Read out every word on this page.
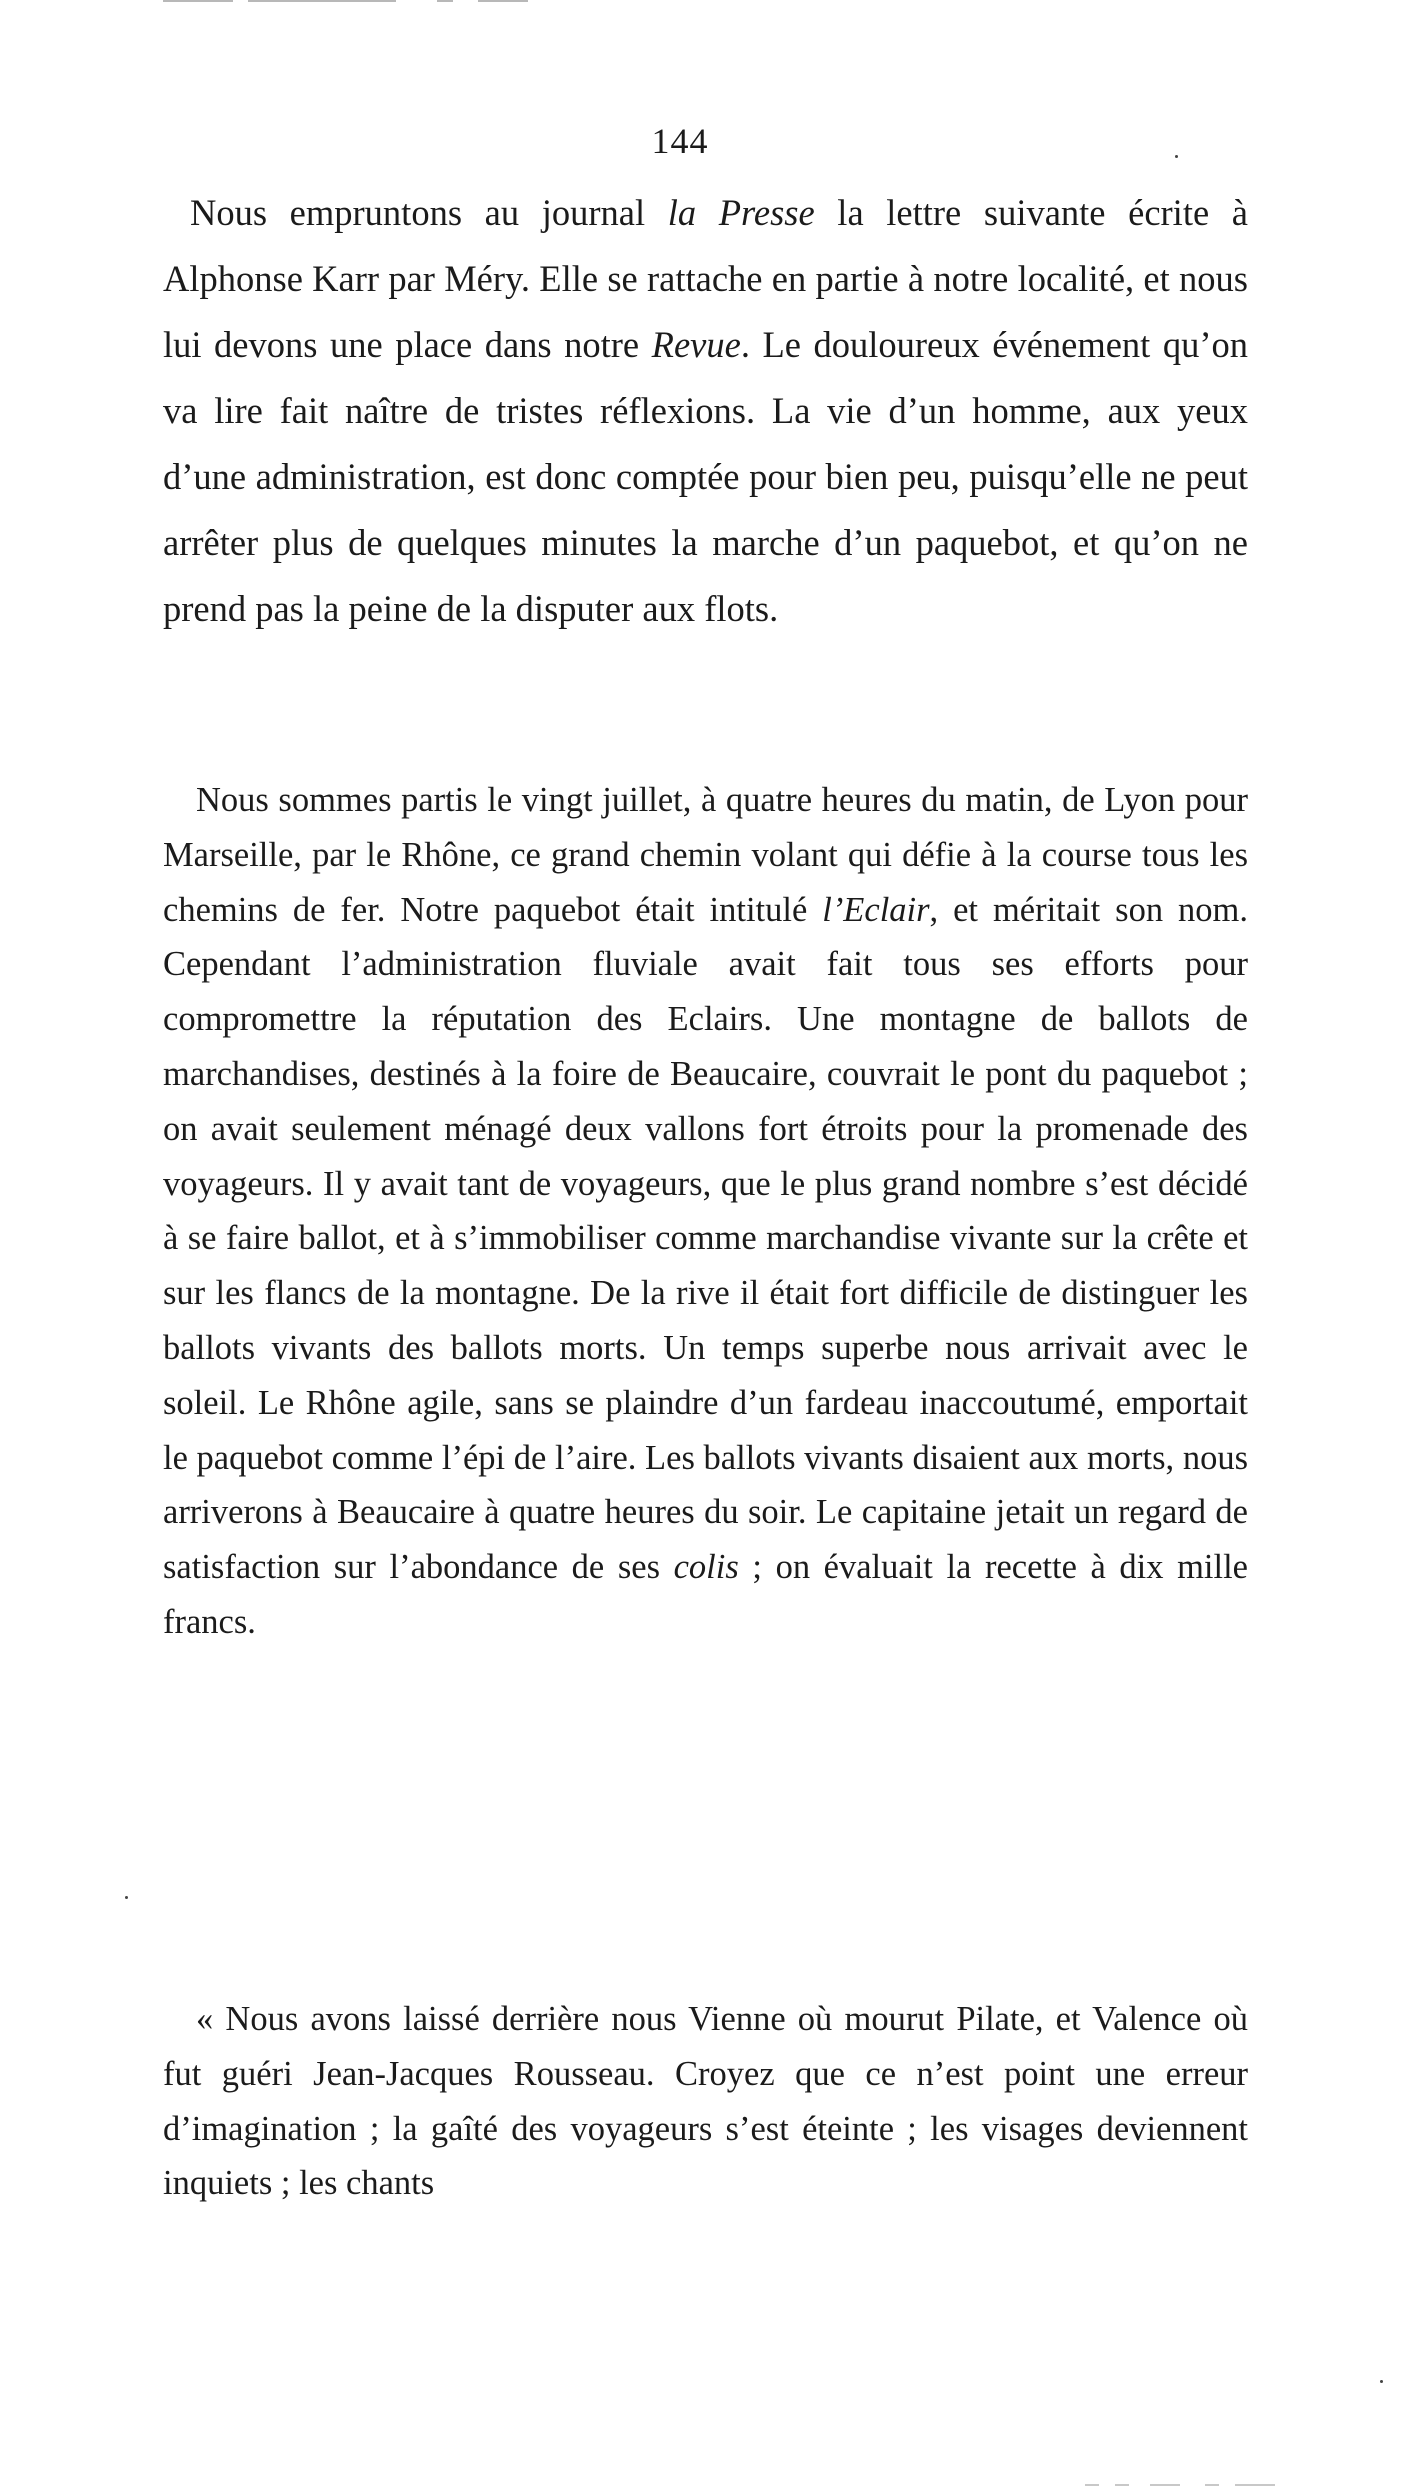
144

Nous empruntons au journal la Presse la lettre suivante écrite à Alphonse Karr par Méry. Elle se rattache en partie à notre localité, et nous lui devons une place dans notre Revue. Le douloureux événement qu’on va lire fait naître de tristes réflexions. La vie d’un homme, aux yeux d’une administration, est donc comptée pour bien peu, puisqu’elle ne peut arrêter plus de quelques minutes la marche d’un paquebot, et qu’on ne prend pas la peine de la disputer aux flots.

Nous sommes partis le vingt juillet, à quatre heures du matin, de Lyon pour Marseille, par le Rhône, ce grand chemin volant qui défie à la course tous les chemins de fer. Notre paquebot était intitulé l’Eclair, et méritait son nom. Cependant l’administration fluviale avait fait tous ses efforts pour compromettre la réputation des Eclairs. Une montagne de ballots de marchandises, destinés à la foire de Beaucaire, couvrait le pont du paquebot ; on avait seulement ménagé deux vallons fort étroits pour la promenade des voyageurs. Il y avait tant de voyageurs, que le plus grand nombre s’est décidé à se faire ballot, et à s’immobiliser comme marchandise vivante sur la crête et sur les flancs de la montagne. De la rive il était fort difficile de distinguer les ballots vivants des ballots morts. Un temps superbe nous arrivait avec le soleil. Le Rhône agile, sans se plaindre d’un fardeau inaccoutumé, emportait le paquebot comme l’épi de l’aire. Les ballots vivants disaient aux morts, nous arriverons à Beaucaire à quatre heures du soir. Le capitaine jetait un regard de satisfaction sur l’abondance de ses colis ; on évaluait la recette à dix mille francs.

« Nous avons laissé derrière nous Vienne où mourut Pilate, et Valence où fut guéri Jean-Jacques Rousseau. Croyez que ce n’est point une erreur d’imagination ; la gaîté des voyageurs s’est éteinte ; les visages deviennent inquiets ; les chants
